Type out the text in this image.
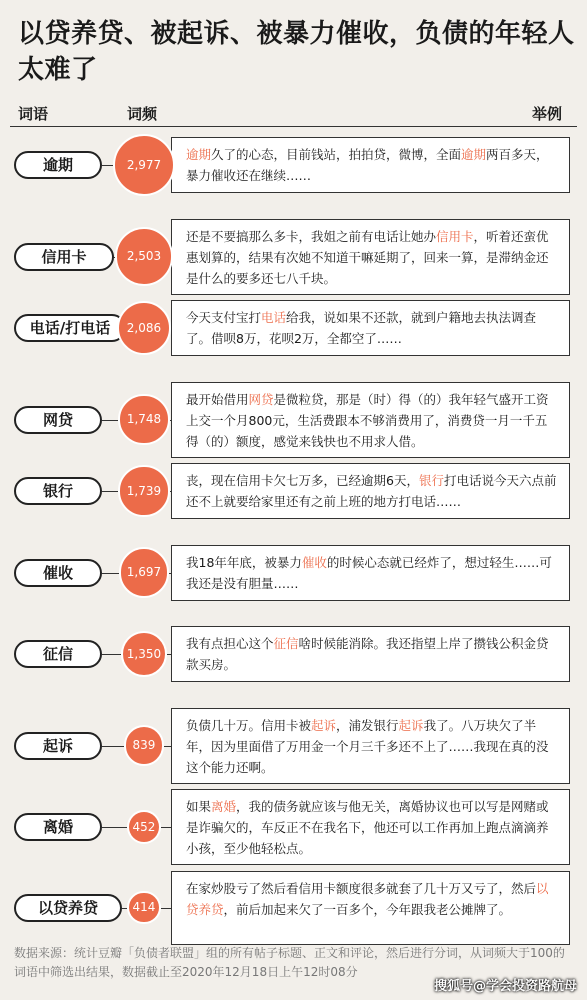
以贷养贷、被起诉、被暴力催收，负债的年轻人太难了
词语	词频	举例
逾期
逾期久了的心态，目前钱站，拍拍贷，微博，全面逾期两百多天，暴力催收还在继续……
2,977
信用卡
还是不要搞那么多卡，我姐之前有电话让她办信用卡，听着还蛮优惠划算的，结果有次她不知道干嘛延期了，回来一算，是滞纳金还是什么的要多还七八千块。
2,503
电话/打电话
今天支付宝打电话给我，说如果不还款，就到户籍地去执法调查了。借呗8万，花呗2万，全都空了……
2,086
网贷
最开始借用网贷是微粒贷，那是（时）得（的）我年轻气盛开工资上交一个月800元，生活费跟本不够消费用了，消费贷一月一千五得（的）额度，感觉来钱快也不用求人借。
1,748
银行
丧，现在信用卡欠七万多，已经逾期6天，银行打电话说今天六点前还不上就要给家里还有之前上班的地方打电话……
1,739
催收
我18年年底，被暴力催收的时候心态就已经炸了，想过轻生……可我还是没有胆量……
1,697
征信
我有点担心这个征信啥时候能消除。我还指望上岸了攒钱公积金贷款买房。
1,350
起诉
负债几十万。信用卡被起诉，浦发银行起诉我了。八万块欠了半年，因为里面借了万用金一个月三千多还不上了……我现在真的没这个能力还啊。
839
离婚
如果离婚，我的债务就应该与他无关，离婚协议也可以写是网赌或是诈骗欠的，车反正不在我名下，他还可以工作再加上跑点滴滴养小孩，至少他轻松点。
452
以贷养贷
在家炒股亏了然后看信用卡额度很多就套了几十万又亏了，然后以贷养贷，前后加起来欠了一百多个，今年跟我老公摊牌了。
414
数据来源：统计豆瓣「负债者联盟」组的所有帖子标题、正文和评论，然后进行分词，从词频大于100的词语中筛选出结果，数据截止至2020年12月18日上午12时08分
搜狐号@学会投资路航母
